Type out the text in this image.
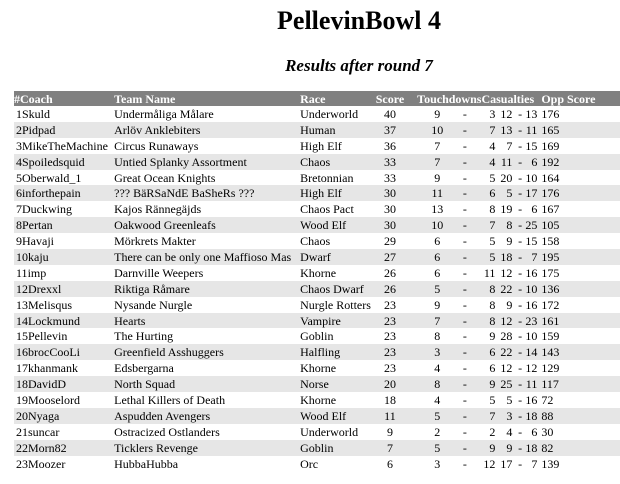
PellevinBowl 4
Results after round 7
#Coach	Team Name	Race	Score	Touchdowns			Casualties				Opp Score
1Skuld	Undermåliga Målare	Underworld	40		9	-	3	12	-	13	176
2Pidpad	Arlöv Anklebiters	Human	37		10	-	7	13	-	11	165
3MikeTheMachine	Circus Runaways	High Elf	36		7	-	4	7	-	15	169
4Spoiledsquid	Untied Splanky Assortment	Chaos	33		7	-	4	11	-	6	192
5Oberwald_1	Great Ocean Knights	Bretonnian	33		9	-	5	20	-	10	164
6inforthepain	??? BäRSaNdE BaSheRs ???	High Elf	30		11	-	6	5	-	17	176
7Duckwing	Kajos Rännegäjds	Chaos Pact	30		13	-	8	19	-	6	167
8Pertan	Oakwood Greenleafs	Wood Elf	30		10	-	7	8	-	25	105
9Havaji	Mörkrets Makter	Chaos	29		6	-	5	9	-	15	158
10kaju	There can be only one Maffioso Mas	Dwarf	27		6	-	5	18	-	7	195
11imp	Darnville Weepers	Khorne	26		6	-	11	12	-	16	175
12Drexxl	Riktiga Råmare	Chaos Dwarf	26		5	-	8	22	-	10	136
13Melisqus	Nysande Nurgle	Nurgle Rotters	23		9	-	8	9	-	16	172
14Lockmund	Hearts	Vampire	23		7	-	8	12	-	23	161
15Pellevin	The Hurting	Goblin	23		8	-	9	28	-	10	159
16brocCooLi	Greenfield Asshuggers	Halfling	23		3	-	6	22	-	14	143
17khanmank	Edsbergarna	Khorne	23		4	-	6	12	-	12	129
18DavidD	North Squad	Norse	20		8	-	9	25	-	11	117
19Mooselord	Lethal Killers of Death	Khorne	18		4	-	5	5	-	16	72
20Nyaga	Aspudden Avengers	Wood Elf	11		5	-	7	3	-	18	88
21suncar	Ostracized Ostlanders	Underworld	9		2	-	2	4	-	6	30
22Morn82	Ticklers Revenge	Goblin	7		5	-	9	9	-	18	82
23Moozer	HubbaHubba	Orc	6		3	-	12	17	-	7	139
